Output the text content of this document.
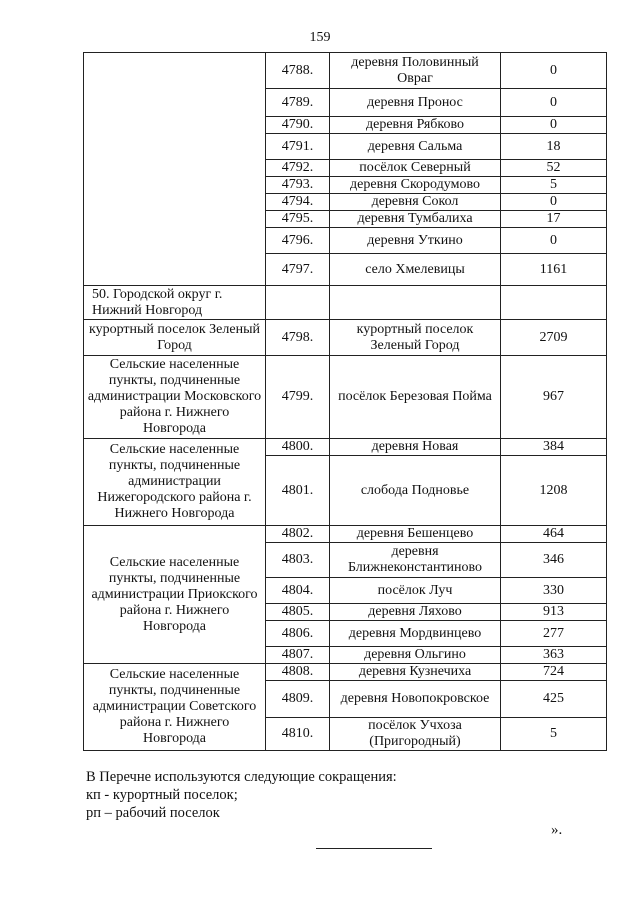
159
	4788.	деревня Половинный Овраг	0
	4789.	деревня Пронос	0
	4790.	деревня Рябково	0
	4791.	деревня Сальма	18
	4792.	посёлок Северный	52
	4793.	деревня Скородумово	5
	4794.	деревня Сокол	0
	4795.	деревня Тумбалиха	17
	4796.	деревня Уткино	0
	4797.	село Хмелевицы	1161
50. Городской округ г. Нижний Новгород			
курортный поселок Зеленый Город	4798.	курортный поселок Зеленый Город	2709
Сельские населенные пункты, подчиненные администрации Московского района г. Нижнего Новгорода	4799.	посёлок Березовая Пойма	967
Сельские населенные пункты, подчиненные администрации Нижегородского района г. Нижнего Новгорода	4800.	деревня Новая	384
	4801.	слобода Подновье	1208
Сельские населенные пункты, подчиненные администрации Приокского района г. Нижнего Новгорода	4802.	деревня Бешенцево	464
	4803.	деревня Ближнеконстантиново	346
	4804.	посёлок Луч	330
	4805.	деревня Ляхово	913
	4806.	деревня Мордвинцево	277
	4807.	деревня Ольгино	363
Сельские населенные пункты, подчиненные администрации Советского района г. Нижнего Новгорода	4808.	деревня Кузнечиха	724
	4809.	деревня Новопокровское	425
	4810.	посёлок Учхоза (Пригородный)	5
В Перечне используются следующие сокращения:
кп - курортный поселок;
рп – рабочий поселок
».
